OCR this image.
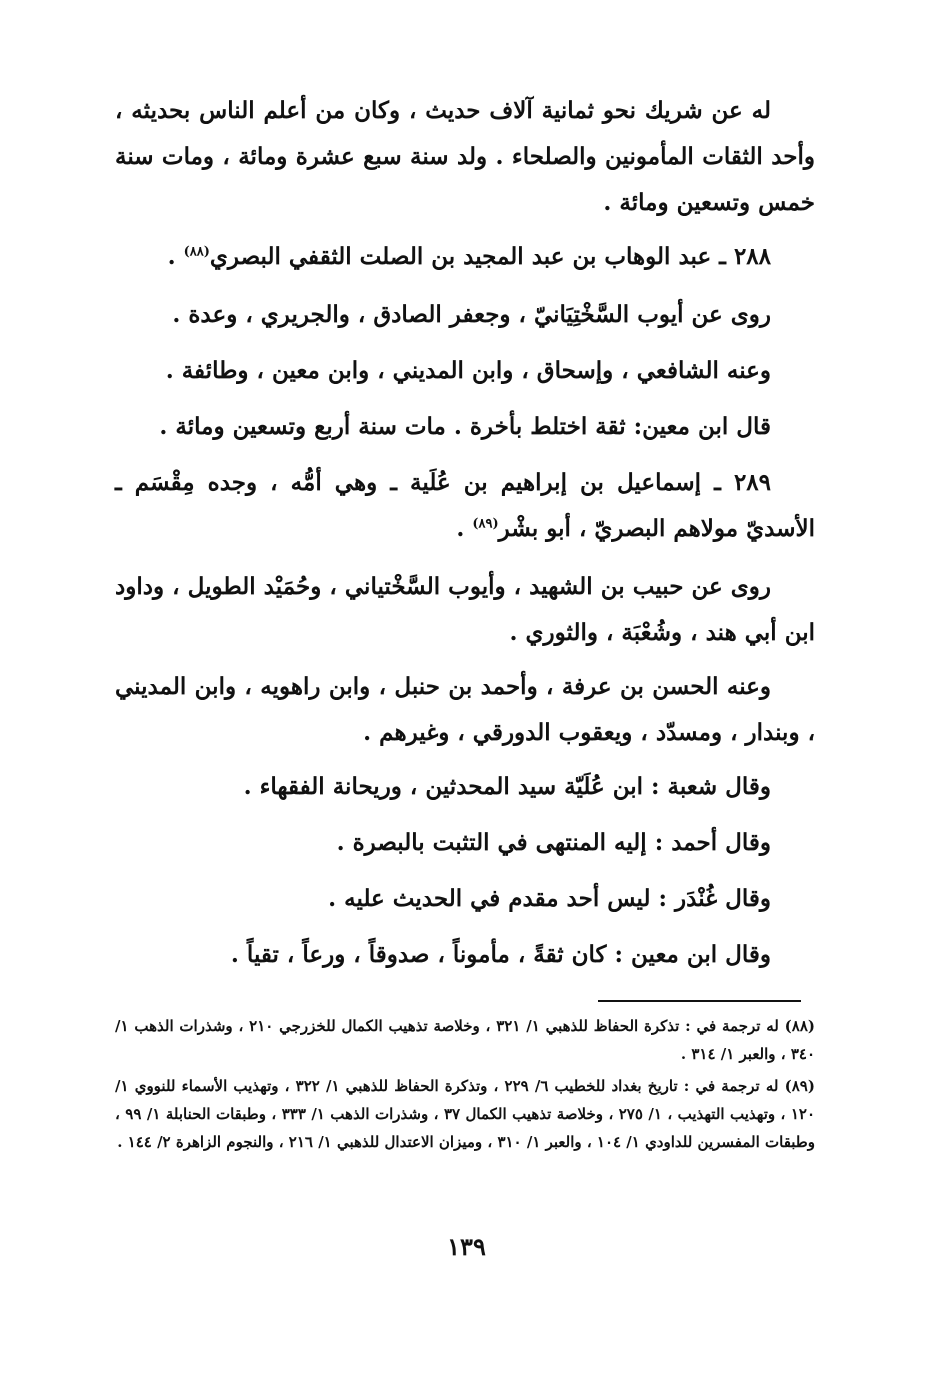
له عن شريك نحو ثمانية آلاف حديث ، وكان من أعلم الناس بحديثه ، وأحد الثقات المأمونين والصلحاء . ولد سنة سبع عشرة ومائة ، ومات سنة خمس وتسعين ومائة .
٢٨٨ ـ عبد الوهاب بن عبد المجيد بن الصلت الثقفي البصري$^{(٨٨)}$ .
روى عن أيوب السَّخْتِيَانيّ ، وجعفر الصادق ، والجريري ، وعدة .
وعنه الشافعي ، وإسحاق ، وابن المديني ، وابن معين ، وطائفة .
قال ابن معين: ثقة اختلط بأخرة . مات سنة أربع وتسعين ومائة .
٢٨٩ ـ إسماعيل بن إبراهيم بن عُلَية ـ وهي أمُّه ، وجده مِقْسَم ـ الأسديّ مولاهم البصريّ ، أبو بشْر$^{(٨٩)}$ .
روى عن حبيب بن الشهيد ، وأيوب السَّخْتياني ، وحُمَيْد الطويل ، وداود ابن أبي هند ، وشُعْبَة ، والثوري .
وعنه الحسن بن عرفة ، وأحمد بن حنبل ، وابن راهويه ، وابن المديني ، وبندار ، ومسدّد ، ويعقوب الدورقي ، وغيرهم .
وقال شعبة : ابن عُلَيّة سيد المحدثين ، وريحانة الفقهاء .
وقال أحمد : إليه المنتهى في التثبت بالبصرة .
وقال غُنْدَر : ليس أحد مقدم في الحديث عليه .
وقال ابن معين : كان ثقةً ، مأموناً ، صدوقاً ، ورعاً ، تقياً .
(٨٨) له ترجمة في : تذكرة الحفاظ للذهبي ١/ ٣٢١ ، وخلاصة تذهيب الكمال للخزرجي ٢١٠ ، وشذرات الذهب ١/ ٣٤٠ ، والعبر ١/ ٣١٤ .
(٨٩) له ترجمة في : تاريخ بغداد للخطيب ٦/ ٢٢٩ ، وتذكرة الحفاظ للذهبي ١/ ٣٢٢ ، وتهذيب الأسماء للنووي ١/ ١٢٠ ، وتهذيب التهذيب ، ١/ ٢٧٥ ، وخلاصة تذهيب الكمال ٣٧ ، وشذرات الذهب ١/ ٣٣٣ ، وطبقات الحنابلة ١/ ٩٩ ، وطبقات المفسرين للداودي ١/ ١٠٤ ، والعبر ١/ ٣١٠ ، وميزان الاعتدال للذهبي ١/ ٢١٦ ، والنجوم الزاهرة ٢/ ١٤٤ .
١٣٩
